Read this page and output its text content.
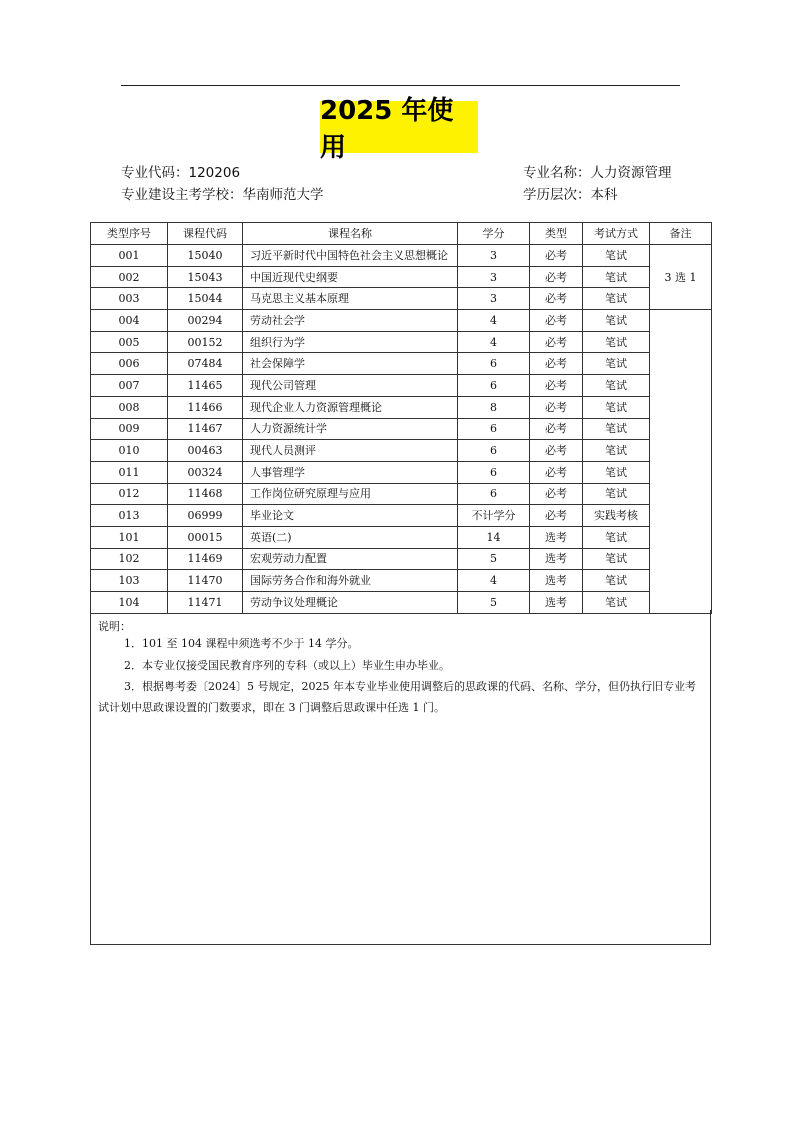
2025 年使用
专业代码：120206	专业名称：人力资源管理
专业建设主考学校：华南师范大学	学历层次：本科
类型序号	课程代码	课程名称	学分	类型	考试方式	备注
001	15040	习近平新时代中国特色社会主义思想概论	3	必考	笔试	3 选 1
002	15043	中国近现代史纲要	3	必考	笔试	
003	15044	马克思主义基本原理	3	必考	笔试	
004	00294	劳动社会学	4	必考	笔试	
005	00152	组织行为学	4	必考	笔试	
006	07484	社会保障学	6	必考	笔试	
007	11465	现代公司管理	6	必考	笔试	
008	11466	现代企业人力资源管理概论	8	必考	笔试	
009	11467	人力资源统计学	6	必考	笔试	
010	00463	现代人员测评	6	必考	笔试	
011	00324	人事管理学	6	必考	笔试	
012	11468	工作岗位研究原理与应用	6	必考	笔试	
013	06999	毕业论文	不计学分	必考	实践考核	
101	00015	英语(二)	14	选考	笔试	
102	11469	宏观劳动力配置	5	选考	笔试	
103	11470	国际劳务合作和海外就业	4	选考	笔试	
104	11471	劳动争议处理概论	5	选考	笔试	
说明：
1．101 至 104 课程中须选考不少于 14 学分。
2．本专业仅接受国民教育序列的专科（或以上）毕业生申办毕业。
3．根据粤考委〔2024〕5 号规定，2025 年本专业毕业使用调整后的思政课的代码、名称、学分，但仍执行旧专业考试计划中思政课设置的门数要求，即在 3 门调整后思政课中任选 1 门。
